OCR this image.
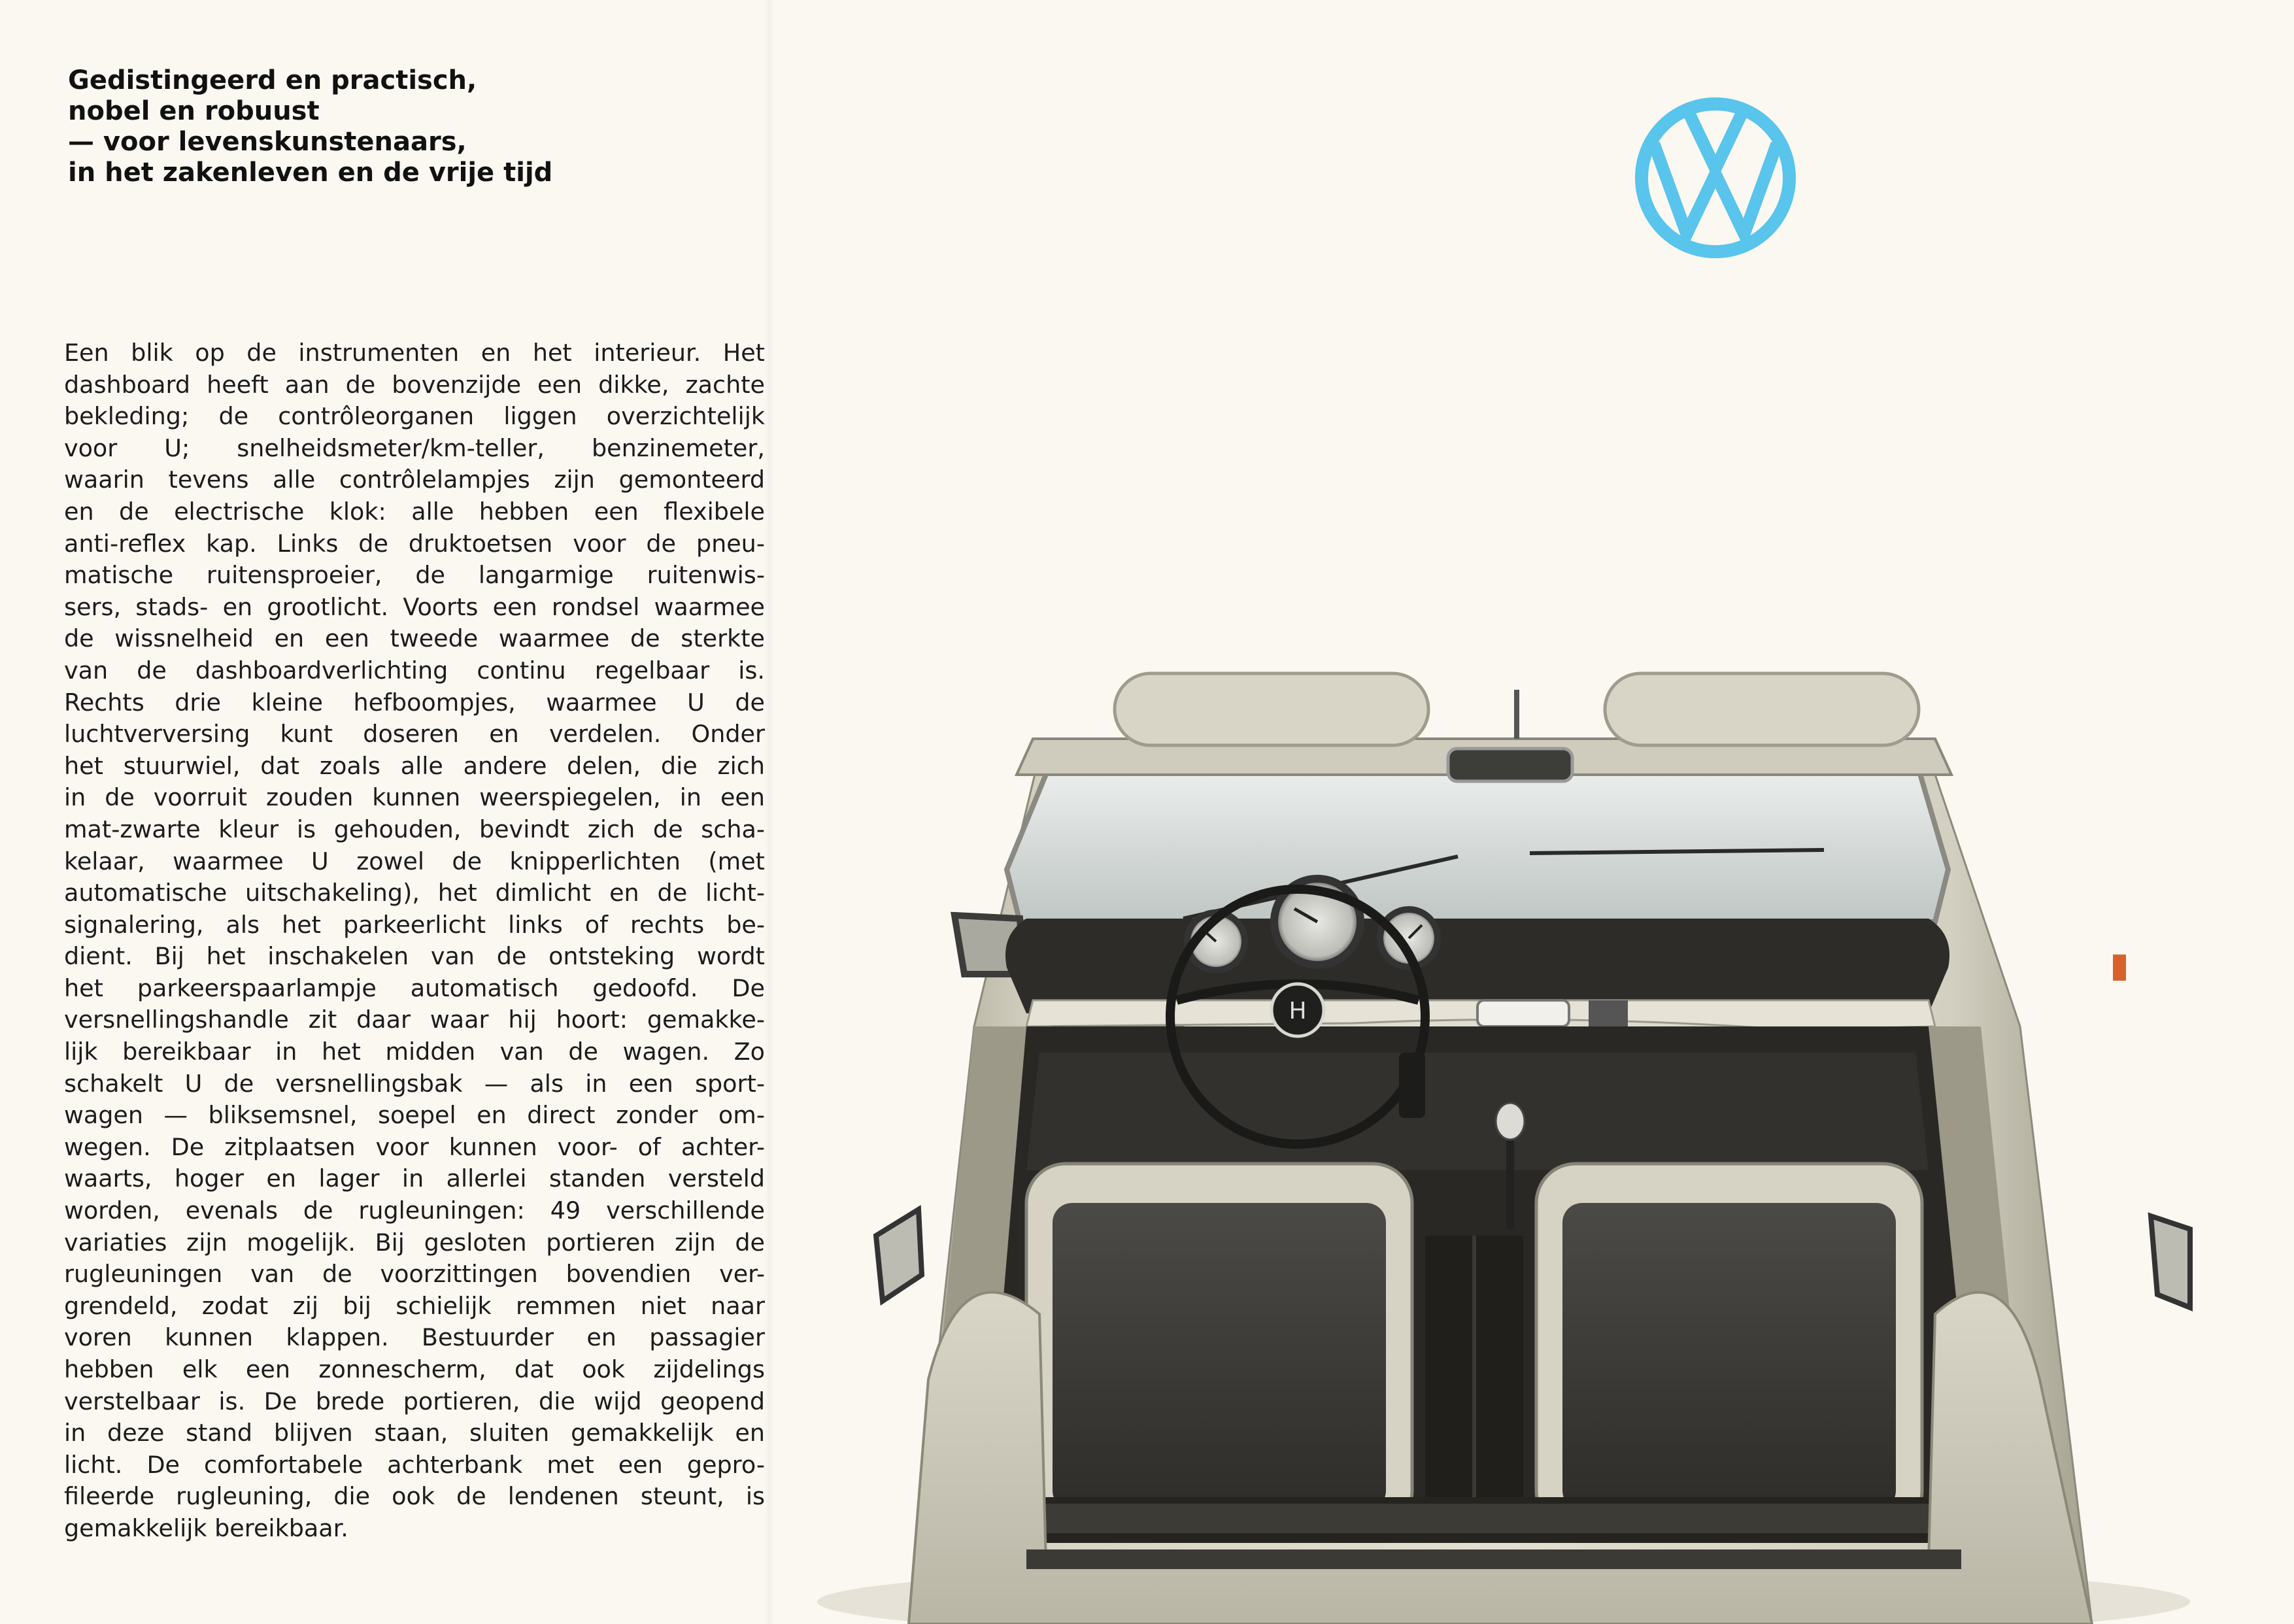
Gedistingeerd en practisch,
nobel en robuust
— voor levenskunstenaars,
in het zakenleven en de vrije tijd

Een blik op de instrumenten en het interieur. Het

dashboard heeft aan de bovenzijde een dikke, zachte

bekleding; de contrôleorganen liggen overzichtelijk

voor U; snelheidsmeter/km-teller, benzinemeter,

waarin tevens alle contrôlelampjes zijn gemonteerd

en de electrische klok: alle hebben een flexibele

anti-reflex kap. Links de druktoetsen voor de pneu-

matische ruitensproeier, de langarmige ruitenwis-

sers, stads- en grootlicht. Voorts een rondsel waarmee

de wissnelheid en een tweede waarmee de sterkte

van de dashboardverlichting continu regelbaar is.

Rechts drie kleine hefboompjes, waarmee U de

luchtverversing kunt doseren en verdelen. Onder

het stuurwiel, dat zoals alle andere delen, die zich

in de voorruit zouden kunnen weerspiegelen, in een

mat-zwarte kleur is gehouden, bevindt zich de scha-

kelaar, waarmee U zowel de knipperlichten (met

automatische uitschakeling), het dimlicht en de licht-

signalering, als het parkeerlicht links of rechts be-

dient. Bij het inschakelen van de ontsteking wordt

het parkeerspaarlampje automatisch gedoofd. De

versnellingshandle zit daar waar hij hoort: gemakke-

lijk bereikbaar in het midden van de wagen. Zo

schakelt U de versnellingsbak — als in een sport-

wagen — bliksemsnel, soepel en direct zonder om-

wegen. De zitplaatsen voor kunnen voor- of achter-

waarts, hoger en lager in allerlei standen versteld

worden, evenals de rugleuningen: 49 verschillende

variaties zijn mogelijk. Bij gesloten portieren zijn de

rugleuningen van de voorzittingen bovendien ver-

grendeld, zodat zij bij schielijk remmen niet naar

voren kunnen klappen. Bestuurder en passagier

hebben elk een zonnescherm, dat ook zijdelings

verstelbaar is. De brede portieren, die wijd geopend

in deze stand blijven staan, sluiten gemakkelijk en

licht. De comfortabele achterbank met een gepro-

fileerde rugleuning, die ook de lendenen steunt, is

gemakkelijk bereikbaar.

H
